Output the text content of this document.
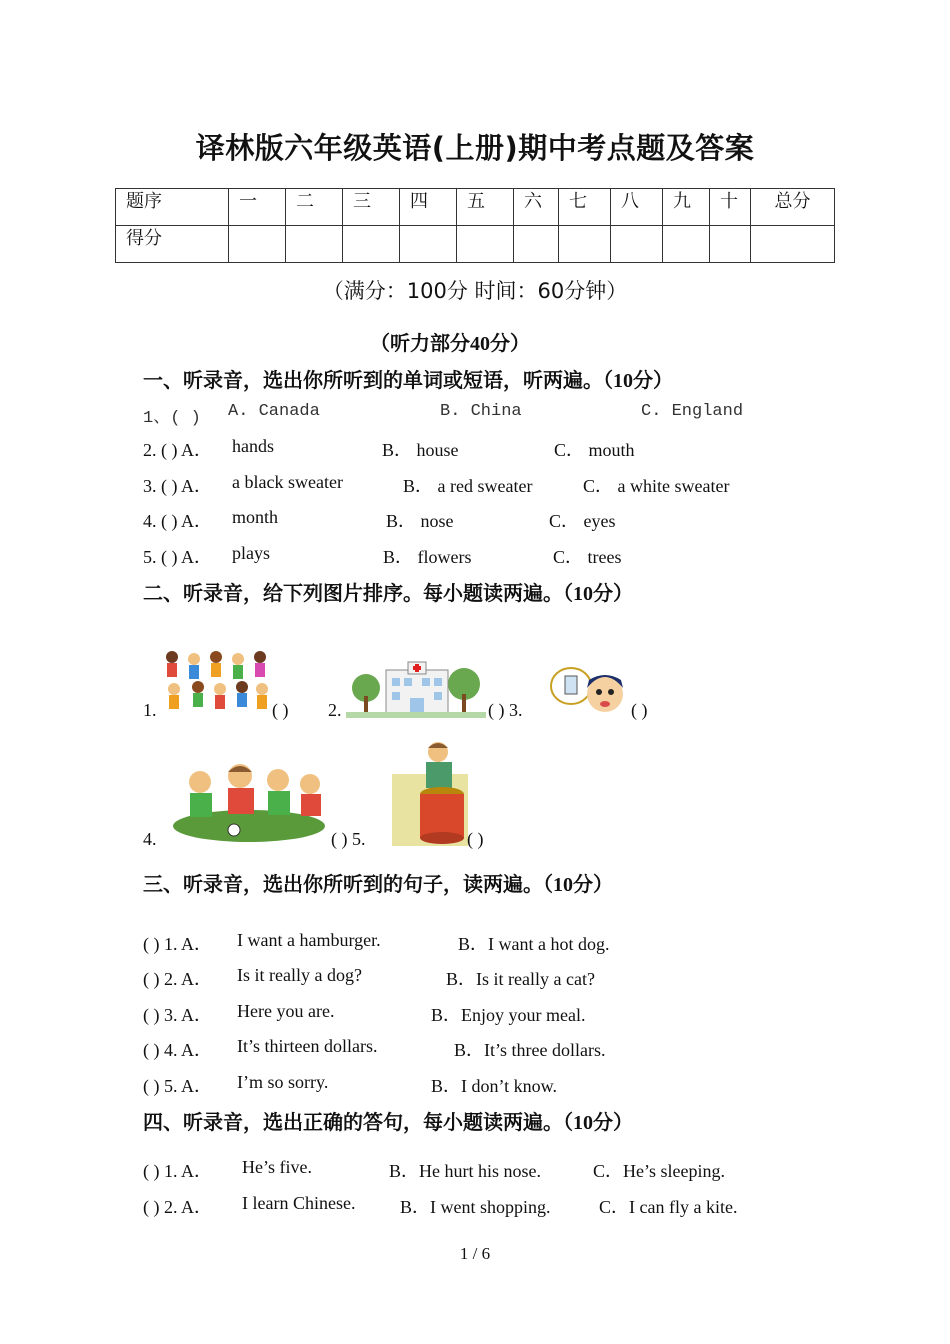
译林版六年级英语(上册)期中考点题及答案
题序	一	二	三	四	五	六	七	八	九	十	总分
得分											
（满分：100分 时间：60分钟）
（听力部分40分）
一、听录音，选出你所听到的单词或短语，听两遍。（10分）
1、( ) A. Canada	B. China	C. England
2. ( ) A． hands	B． house	C． mouth
3. ( ) A． a black sweater	B． a red sweater	C． a white sweater
4. ( ) A． month	B． nose	C． eyes
5. ( ) A． plays	B． flowers	C． trees
二、听录音，给下列图片排序。每小题读两遍。（10分）
1.	( ) 2.	( ) 3.	( )
4.	( ) 5.	( )
三、听录音，选出你所听到的句子，读两遍。（10分）
( ) 1. A． I want a hamburger.	B．I want a hot dog.
( ) 2. A． Is it really a dog?	B．Is it really a cat?
( ) 3. A． Here you are.	B．Enjoy your meal.
( ) 4. A． It’s thirteen dollars.	B．It’s three dollars.
( ) 5. A． I’m so sorry.	B．I don’t know.
四、听录音，选出正确的答句，每小题读两遍。（10分）
( ) 1. A． He’s five.	B．He hurt his nose.	C．He’s sleeping.
( ) 2. A． I learn Chinese. B．I went shopping.	C．I can fly a kite.
1 / 6
